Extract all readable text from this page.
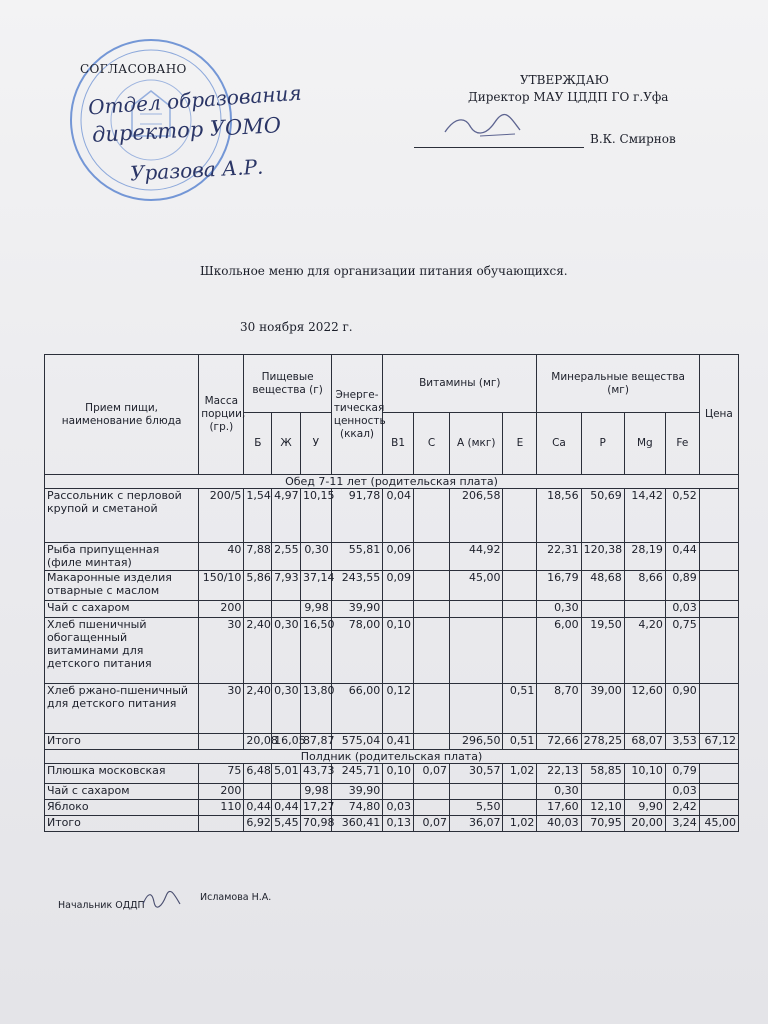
СОГЛАСОВАНО
Отдел образования
директор УОМО
Уразова А.Р.
УТВЕРЖДАЮ
Директор МАУ ЦДДП ГО г.Уфа
В.К. Смирнов
Школьное меню для организации питания обучающихся.
30 ноября 2022 г.
Прием пищи, наименование блюда	Масса порции, (гр.)	Пищевые вещества (г)			Энерге-тическая ценность (ккал)	Витамины (мг)				Минеральные вещества (мг)				Цена
		Б	Ж	У		В1	С	А (мкг)	Е	Ca	P	Mg	Fe	
Обед 7-11 лет (родительская плата)														
Рассольник с перловой крупой и сметаной	200/5	1,54	4,97	10,15	91,78	0,04		206,58		18,56	50,69	14,42	0,52	
Рыба припущенная (филе минтая)	40	7,88	2,55	0,30	55,81	0,06		44,92		22,31	120,38	28,19	0,44	
Макаронные изделия отварные с маслом	150/10	5,86	7,93	37,14	243,55	0,09		45,00		16,79	48,68	8,66	0,89	
Чай с сахаром	200			9,98	39,90					0,30			0,03	
Хлеб пшеничный обогащенный витаминами для детского питания	30	2,40	0,30	16,50	78,00	0,10				6,00	19,50	4,20	0,75	
Хлеб ржано-пшеничный для детского питания	30	2,40	0,30	13,80	66,00	0,12			0,51	8,70	39,00	12,60	0,90	
Итого		20,08	16,05	87,87	575,04	0,41		296,50	0,51	72,66	278,25	68,07	3,53	67,12
Полдник (родительская плата)														
Плюшка московская	75	6,48	5,01	43,73	245,71	0,10	0,07	30,57	1,02	22,13	58,85	10,10	0,79	
Чай с сахаром	200			9,98	39,90					0,30			0,03	
Яблоко	110	0,44	0,44	17,27	74,80	0,03		5,50		17,60	12,10	9,90	2,42	
Итого		6,92	5,45	70,98	360,41	0,13	0,07	36,07	1,02	40,03	70,95	20,00	3,24	45,00
Начальник ОДДП
Исламова Н.А.
